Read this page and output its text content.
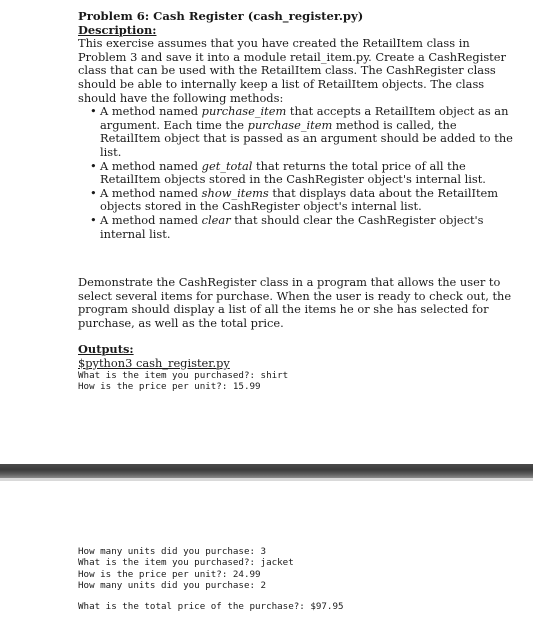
Problem 6: Cash Register (cash_register.py)

Description:

This exercise assumes that you have created the RetailItem class in Problem 3 and save it into a module retail_item.py. Create a CashRegister class that can be used with the RetailItem class. The CashRegister class should be able to internally keep a list of RetailItem objects. The class should have the following methods:

• A method named purchase_item that accepts a RetailItem object as an argument. Each time the purchase_item method is called, the RetailItem object that is passed as an argument should be added to the list.
• A method named get_total that returns the total price of all the RetailItem objects stored in the CashRegister object's internal list.
• A method named show_items that displays data about the RetailItem objects stored in the CashRegister object's internal list.
• A method named clear that should clear the CashRegister object's internal list.

Demonstrate the CashRegister class in a program that allows the user to select several items for purchase. When the user is ready to check out, the program should display a list of all the items he or she has selected for purchase, as well as the total price.

Outputs:

$python3 cash_register.py

What is the item you purchased?: shirt
How is the price per unit?: 15.99
How many units did you purchase: 3
What is the item you purchased?: jacket
How is the price per unit?: 24.99
How many units did you purchase: 2
What is the total price of the purchase?: $97.95
